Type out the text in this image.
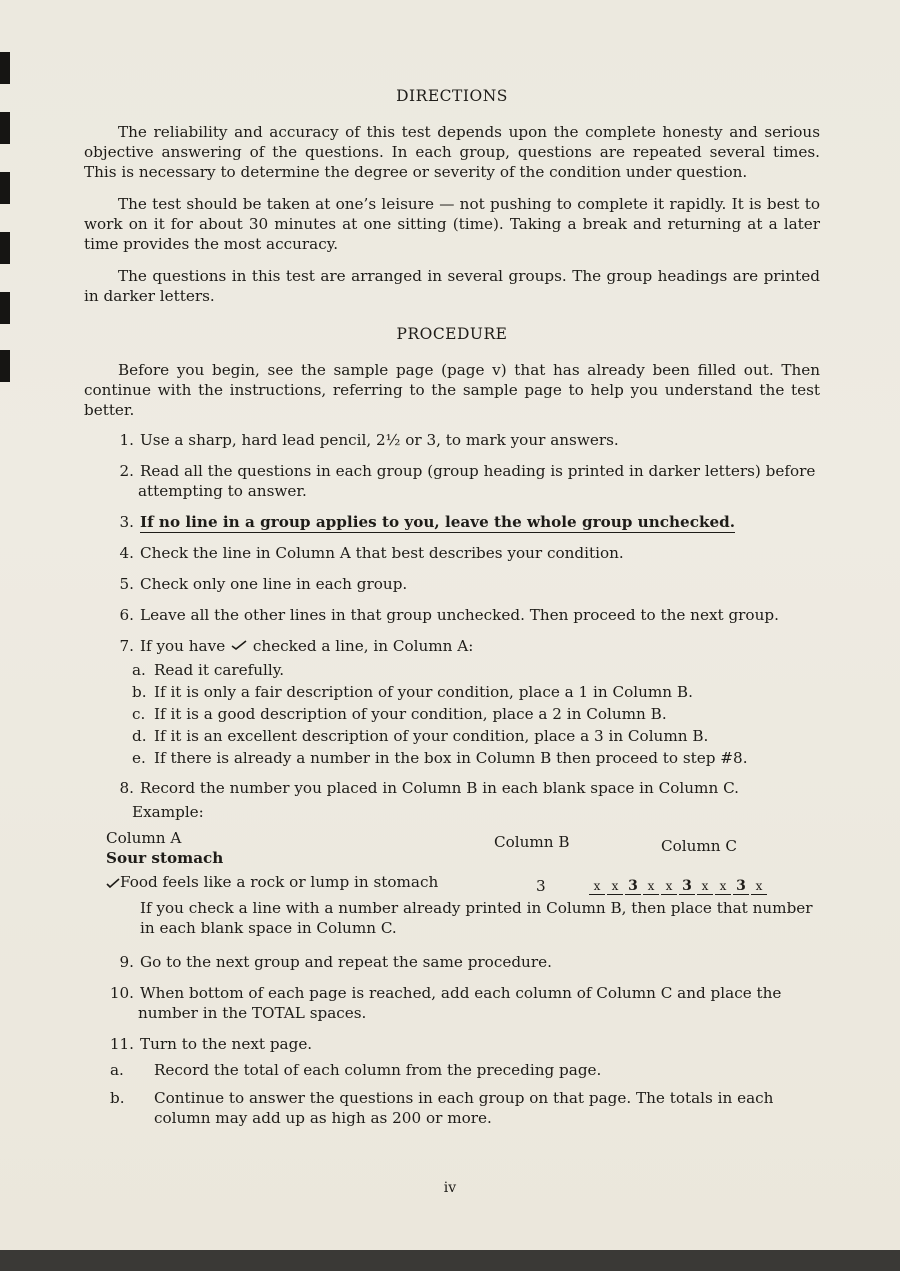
DIRECTIONS

The reliability and accuracy of this test depends upon the complete honesty and serious objective answering of the questions. In each group, questions are repeated several times. This is necessary to determine the degree or severity of the condition under question.

The test should be taken at one’s leisure — not pushing to complete it rapidly. It is best to work on it for about 30 minutes at one sitting (time). Taking a break and returning at a later time provides the most accuracy.

The questions in this test are arranged in several groups. The group headings are printed in darker letters.

PROCEDURE

Before you begin, see the sample page (page v) that has already been filled out. Then continue with the instructions, referring to the sample page to help you understand the test better.

1. Use a sharp, hard lead pencil, 2½ or 3, to mark your answers.
2. Read all the questions in each group (group heading is printed in darker letters) before attempting to answer.
3. If no line in a group applies to you, leave the whole group unchecked.
4. Check the line in Column A that best describes your condition.
5. Check only one line in each group.
6. Leave all the other lines in that group unchecked. Then proceed to the next group.
7. If you have checked a line, in Column A:
a. Read it carefully.
b. If it is only a fair description of your condition, place a 1 in Column B.
c. If it is a good description of your condition, place a 2 in Column B.
d. If it is an excellent description of your condition, place a 3 in Column B.
e. If there is already a number in the box in Column B then proceed to step #8.
8. Record the number you placed in Column B in each blank space in Column C.
Example:
Column A	Column B	Column C
Sour stomach
Food feels like a rock or lump in stomach	3	x x 3 x x 3 x x 3 x
If you check a line with a number already printed in Column B, then place that number in each blank space in Column C.
9. Go to the next group and repeat the same procedure.
10. When bottom of each page is reached, add each column of Column C and place the number in the TOTAL spaces.
11. Turn to the next page.
a. Record the total of each column from the preceding page.
b. Continue to answer the questions in each group on that page. The totals in each column may add up as high as 200 or more.
iv
